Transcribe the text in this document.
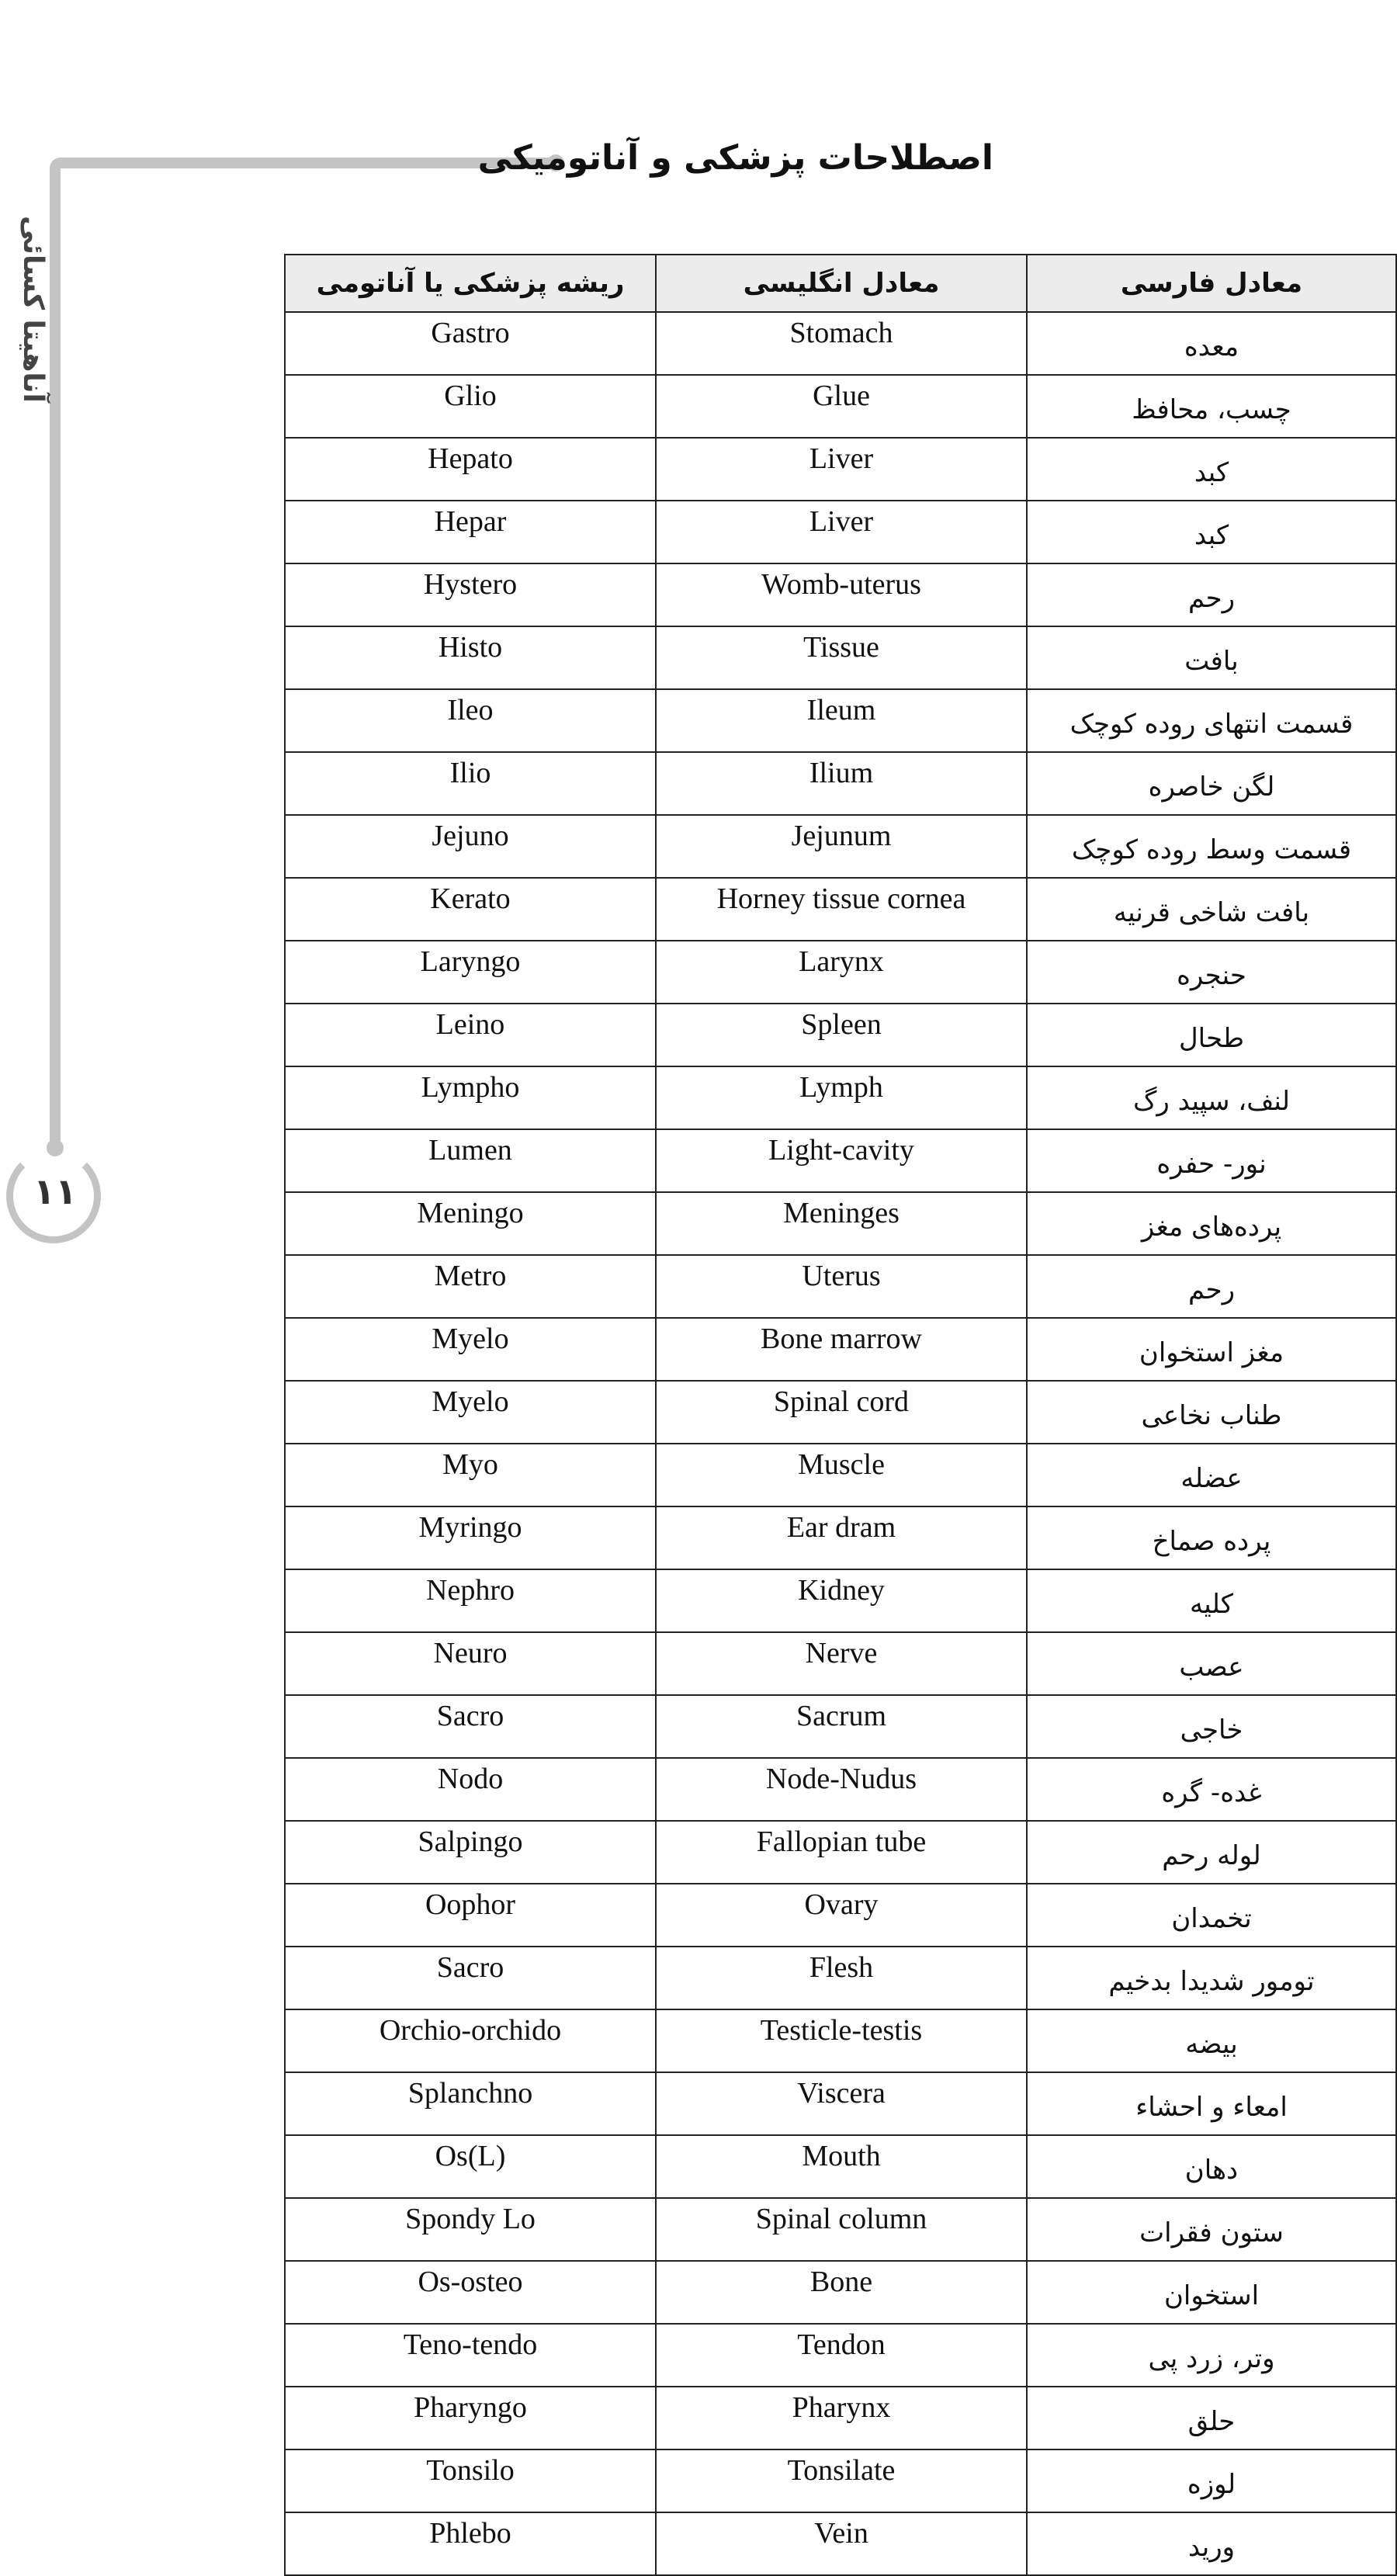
۱۱
آناهیتا کسائی
اصطلاحات پزشکی و آناتومیکی
ریشه پزشکی یا آناتومی	معادل انگلیسی	معادل فارسی
Gastro	Stomach	معده
Glio	Glue	چسب، محافظ
Hepato	Liver	کبد
Hepar	Liver	کبد
Hystero	Womb-uterus	رحم
Histo	Tissue	بافت
Ileo	Ileum	قسمت انتهای روده کوچک
Ilio	Ilium	لگن خاصره
Jejuno	Jejunum	قسمت وسط روده کوچک
Kerato	Horney tissue cornea	بافت شاخی قرنیه
Laryngo	Larynx	حنجره
Leino	Spleen	طحال
Lympho	Lymph	لنف، سپید رگ
Lumen	Light-cavity	نور- حفره
Meningo	Meninges	پرده‌های مغز
Metro	Uterus	رحم
Myelo	Bone marrow	مغز استخوان
Myelo	Spinal cord	طناب نخاعی
Myo	Muscle	عضله
Myringo	Ear dram	پرده صماخ
Nephro	Kidney	کلیه
Neuro	Nerve	عصب
Sacro	Sacrum	خاجی
Nodo	Node-Nudus	غده- گره
Salpingo	Fallopian tube	لوله رحم
Oophor	Ovary	تخمدان
Sacro	Flesh	تومور شدیدا بدخیم
Orchio-orchido	Testicle-testis	بیضه
Splanchno	Viscera	امعاء و احشاء
Os(L)	Mouth	دهان
Spondy Lo	Spinal column	ستون فقرات
Os-osteo	Bone	استخوان
Teno-tendo	Tendon	وتر، زرد پی
Pharyngo	Pharynx	حلق
Tonsilo	Tonsilate	لوزه
Phlebo	Vein	ورید
